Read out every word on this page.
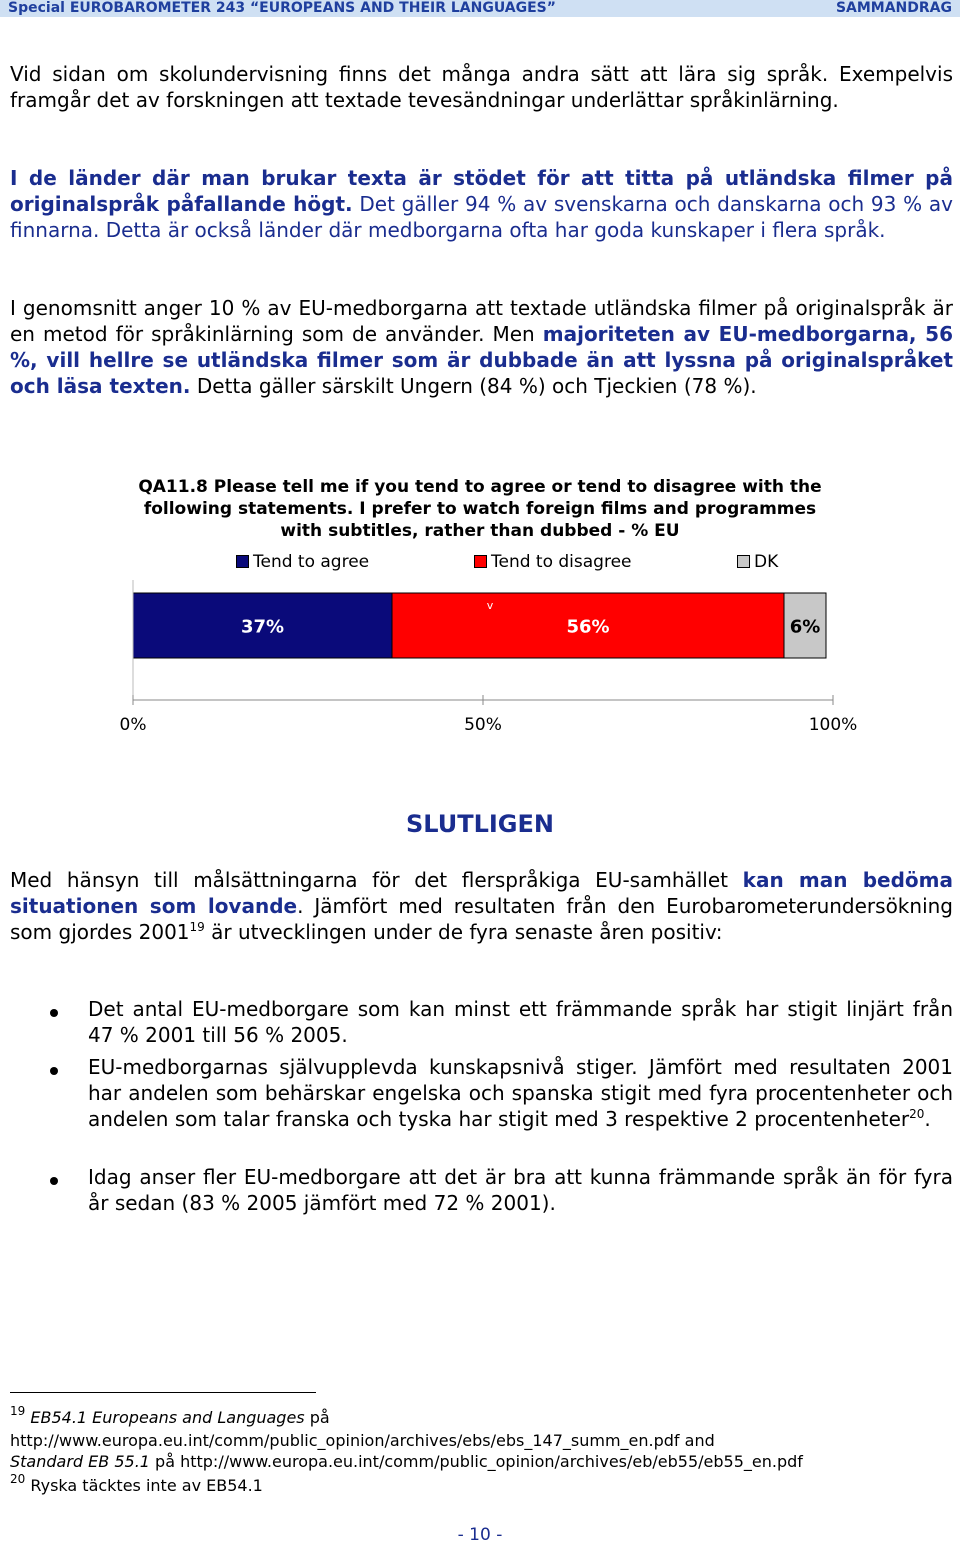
Special EUROBAROMETER 243 “EUROPEANS AND THEIR LANGUAGES”	SAMMANDRAG
Vid sidan om skolundervisning finns det många andra sätt att lära sig språk. Exempelvis framgår det av forskningen att textade tevesändningar underlättar språkinlärning.
I de länder där man brukar texta är stödet för att titta på utländska filmer på originalspråk påfallande högt. Det gäller 94 % av svenskarna och danskarna och 93 % av finnarna. Detta är också länder där medborgarna ofta har goda kunskaper i flera språk.
I genomsnitt anger 10 % av EU-medborgarna att textade utländska filmer på originalspråk är en metod för språkinlärning som de använder. Men majoriteten av EU-medborgarna, 56 %, vill hellre se utländska filmer som är dubbade än att lyssna på originalspråket och läsa texten. Detta gäller särskilt Ungern (84 %) och Tjeckien (78 %).
QA11.8 Please tell me if you tend to agree or tend to disagree with the following statements. I prefer to watch foreign films and programmes with subtitles, rather than dubbed - % EU
Tend to agree	Tend to disagree	DK
37%	56%	6%
v
0%	50%	100%
SLUTLIGEN
Med hänsyn till målsättningarna för det flerspråkiga EU-samhället kan man bedöma situationen som lovande. Jämfört med resultaten från den Eurobarometerundersökning som gjordes 2001$^{19}$ är utvecklingen under de fyra senaste åren positiv:
Det antal EU-medborgare som kan minst ett främmande språk har stigit linjärt från 47 % 2001 till 56 % 2005.
EU-medborgarnas självupplevda kunskapsnivå stiger. Jämfört med resultaten 2001 har andelen som behärskar engelska och spanska stigit med fyra procentenheter och andelen som talar franska och tyska har stigit med 3 respektive 2 procentenheter$^{20}$.
Idag anser fler EU-medborgare att det är bra att kunna främmande språk än för fyra år sedan (83 % 2005 jämfört med 72 % 2001).
$^{19}$ EB54.1 Europeans and Languages på
http://www.europa.eu.int/comm/public_opinion/archives/ebs/ebs_147_summ_en.pdf and
Standard EB 55.1 på http://www.europa.eu.int/comm/public_opinion/archives/eb/eb55/eb55_en.pdf
$^{20}$ Ryska täcktes inte av EB54.1
- 10 -
